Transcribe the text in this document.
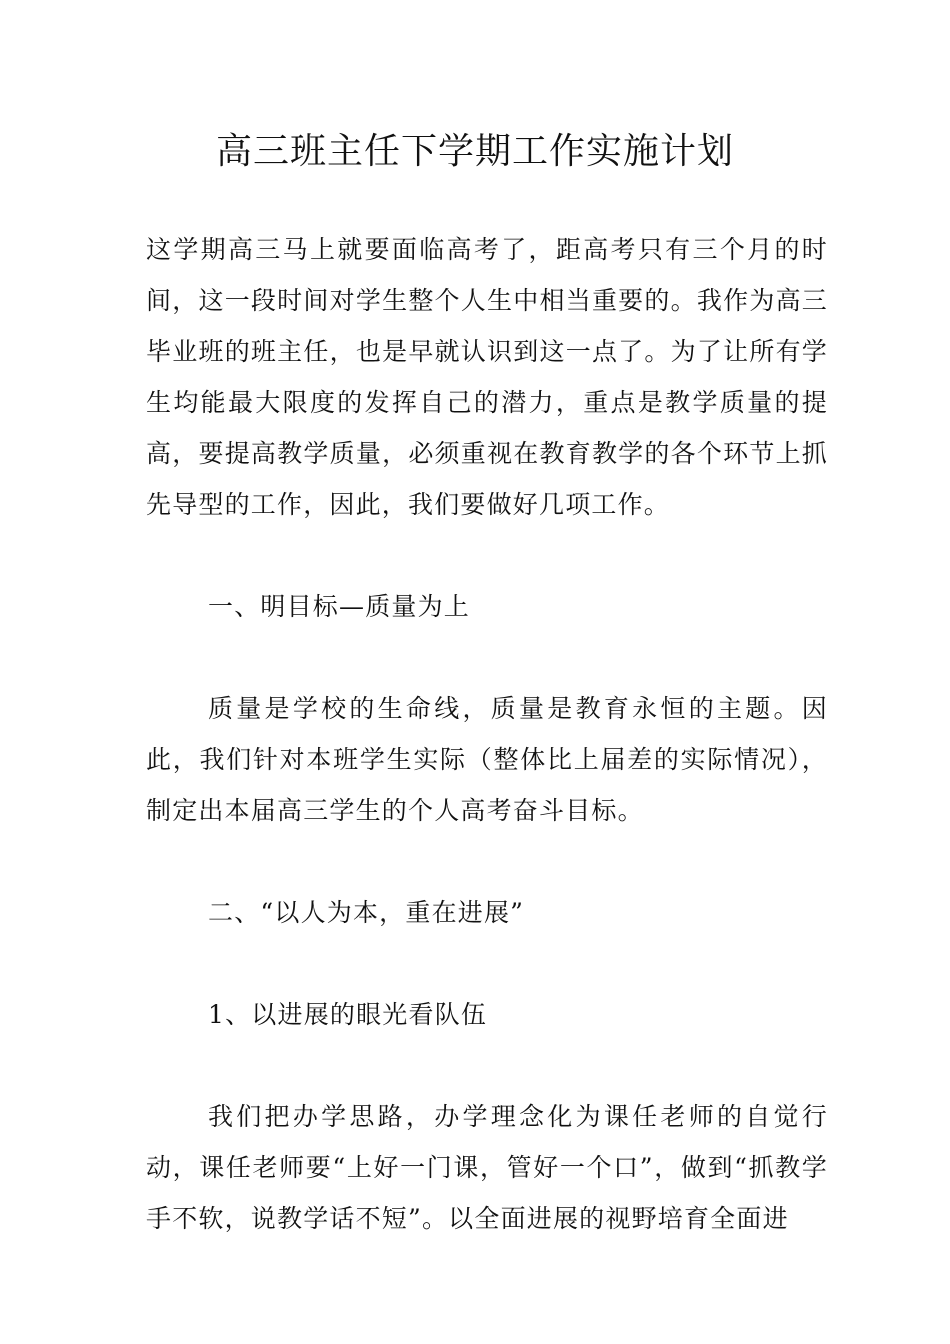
高三班主任下学期工作实施计划

这学期高三马上就要面临高考了，距高考只有三个月的时间，这一段时间对学生整个人生中相当重要的。我作为高三毕业班的班主任，也是早就认识到这一点了。为了让所有学生均能最大限度的发挥自己的潜力，重点是教学质量的提高，要提高教学质量，必须重视在教育教学的各个环节上抓先导型的工作，因此，我们要做好几项工作。

一、明目标—质量为上

质量是学校的生命线，质量是教育永恒的主题。因此，我们针对本班学生实际（整体比上届差的实际情况），制定出本届高三学生的个人高考奋斗目标。

二、“以人为本，重在进展”

1、以进展的眼光看队伍

我们把办学思路，办学理念化为课任老师的自觉行动，课任老师要“上好一门课，管好一个口”，做到“抓教学手不软，说教学话不短”。以全面进展的视野培育全面进
